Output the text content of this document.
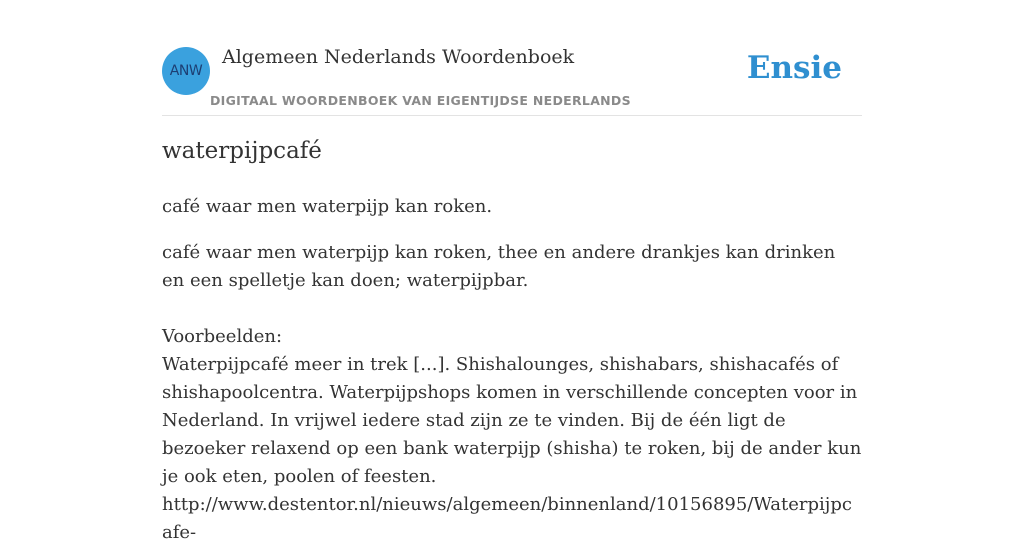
ANW
Algemeen Nederlands Woordenboek
DIGITAAL WOORDENBOEK VAN EIGENTIJDSE NEDERLANDS
Ensie
waterpijpcafé
café waar men waterpijp kan roken.

café waar men waterpijp kan roken, thee en andere drankjes kan drinken en een spelletje kan doen; waterpijpbar.

Voorbeelden:

Waterpijpcafé meer in trek [...]. Shishalounges, shishabars, shishacafés of shishapoolcentra. Waterpijpshops komen in verschillende concepten voor in Nederland. In vrijwel iedere stad zijn ze te vinden. Bij de één ligt de bezoeker relaxend op een bank waterpijp (shisha) te roken, bij de ander kun je ook eten, poolen of feesten.

http://www.destentor.nl/nieuws/algemeen/binnenland/10156895/Waterpijpcafe-
